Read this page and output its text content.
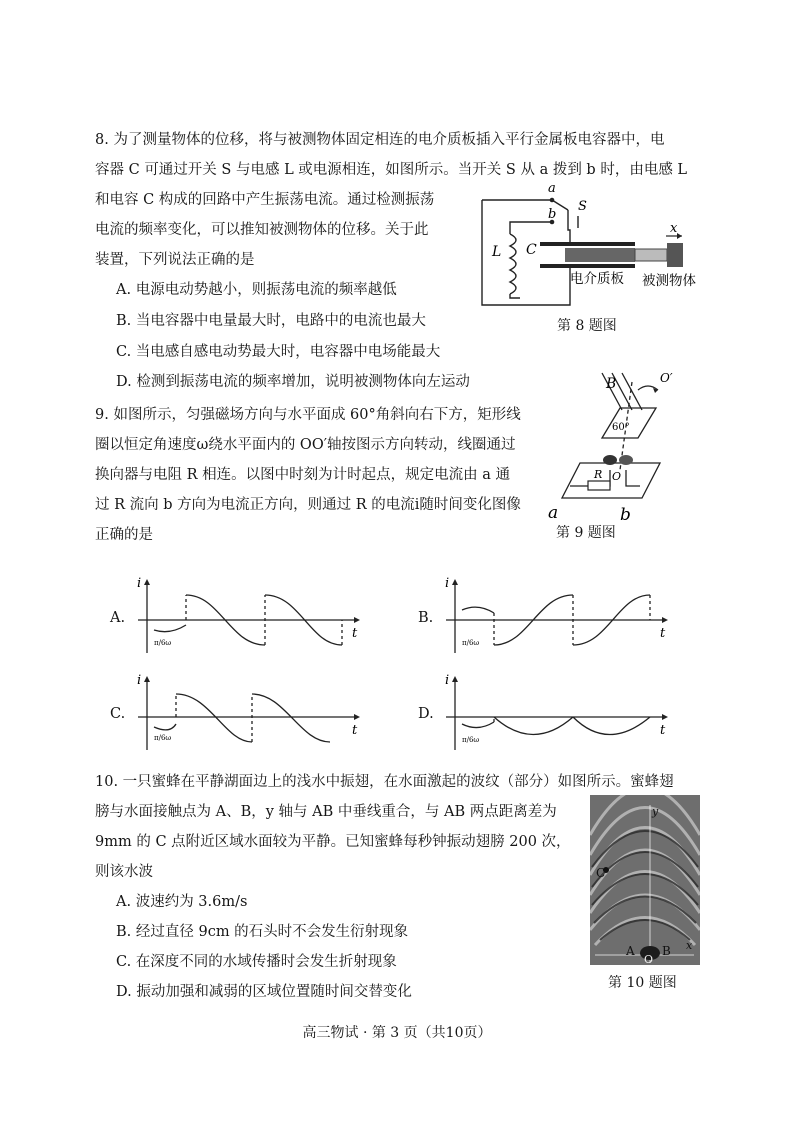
8. 为了测量物体的位移，将与被测物体固定相连的电介质板插入平行金属板电容器中，电
容器 C 可通过开关 S 与电感 L 或电源相连，如图所示。当开关 S 从 a 拨到 b 时，由电感 L
和电容 C 构成的回路中产生振荡电流。通过检测振荡
电流的频率变化，可以推知被测物体的位移。关于此
装置，下列说法正确的是
A. 电源电动势越小，则振荡电流的频率越低
B. 当电容器中电量最大时，电路中的电流也最大
C. 当电感自感电动势最大时，电容器中电场能最大
D. 检测到振荡电流的频率增加，说明被测物体向左运动
a
b
S
L C
x
电介质板 被测物体
第 8 题图
9. 如图所示，匀强磁场方向与水平面成 60°角斜向右下方，矩形线
圈以恒定角速度ω绕水平面内的 OO′轴按图示方向转动，线圈通过
换向器与电阻 R 相连。以图中时刻为计时起点，规定电流由 a 通
过 R 流向 b 方向为电流正方向，则通过 R 的电流i随时间变化图像
正确的是
B	O′
60°
O
R
a	b
第 9 题图
A.
i
t
π/6ω
B.
i
t
π/6ω
C.
i
t
π/6ω
D.
i
t
π/6ω
10. 一只蜜蜂在平静湖面边上的浅水中振翅，在水面激起的波纹（部分）如图所示。蜜蜂翅
膀与水面接触点为 A、B，y 轴与 AB 中垂线重合，与 AB 两点距离差为
9mm 的 C 点附近区域水面较为平静。已知蜜蜂每秒钟振动翅膀 200 次，
则该水波
A. 波速约为 3.6m/s
B. 经过直径 9cm 的石头时不会发生衍射现象
C. 在深度不同的水域传播时会发生折射现象
D. 振动加强和减弱的区域位置随时间交替变化
y
C
A
O
B x
第 10 题图
高三物试 · 第 3 页（共10页）
